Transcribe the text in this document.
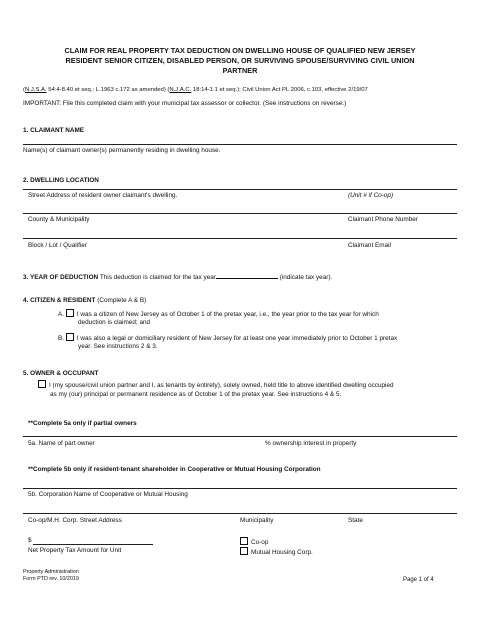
CLAIM FOR REAL PROPERTY TAX DEDUCTION ON DWELLING HOUSE OF QUALIFIED NEW JERSEY
RESIDENT SENIOR CITIZEN, DISABLED PERSON, OR SURVIVING SPOUSE/SURVIVING CIVIL UNION
PARTNER
(N.J.S.A. 54:4-8.40 et seq.; L.1963 c.172 as amended) (N.J.A.C. 18:14-1.1 et seq.); Civil Union Act PL 2006, c.103, effective 2/19/07
IMPORTANT: File this completed claim with your municipal tax assessor or collector. (See instructions on reverse.)
1. CLAIMANT NAME
Name(s) of claimant owner(s) permanently residing in dwelling house.
2. DWELLING LOCATION
Street Address of resident owner claimant's dwelling.	(Unit # if Co-op)
County & Municipality	Claimant Phone Number
Block / Lot / Qualifier	Claimant Email
3. YEAR OF DEDUCTION This deduction is claimed for the tax year	(indicate tax year).
4. CITIZEN & RESIDENT (Complete A & B)
A. I was a citizen of New Jersey as of October 1 of the pretax year, i.e., the year prior to the tax year for which
deduction is claimed; and
B. I was also a legal or domiciliary resident of New Jersey for at least one year immediately prior to October 1 pretax
year. See instructions 2 & 3.
5. OWNER & OCCUPANT
I (my spouse/civil union partner and I, as tenants by entirety), solely owned, held title to above identified dwelling occupied
as my (our) principal or permanent residence as of October 1 of the pretax year. See instructions 4 & 5.
**Complete 5a only if partial owners
5a. Name of part owner	% ownership interest in property
**Complete 5b only if resident-tenant shareholder in Cooperative or Mutual Housing Corporation
5b. Corporation Name of Cooperative or Mutual Housing
Co-op/M.H. Corp. Street Address	Municipality	State
$
Net Property Tax Amount for Unit
Co-op
Mutual Housing Corp.
Property Administration
Form PTD rev. 10/2019	Page 1 of 4
